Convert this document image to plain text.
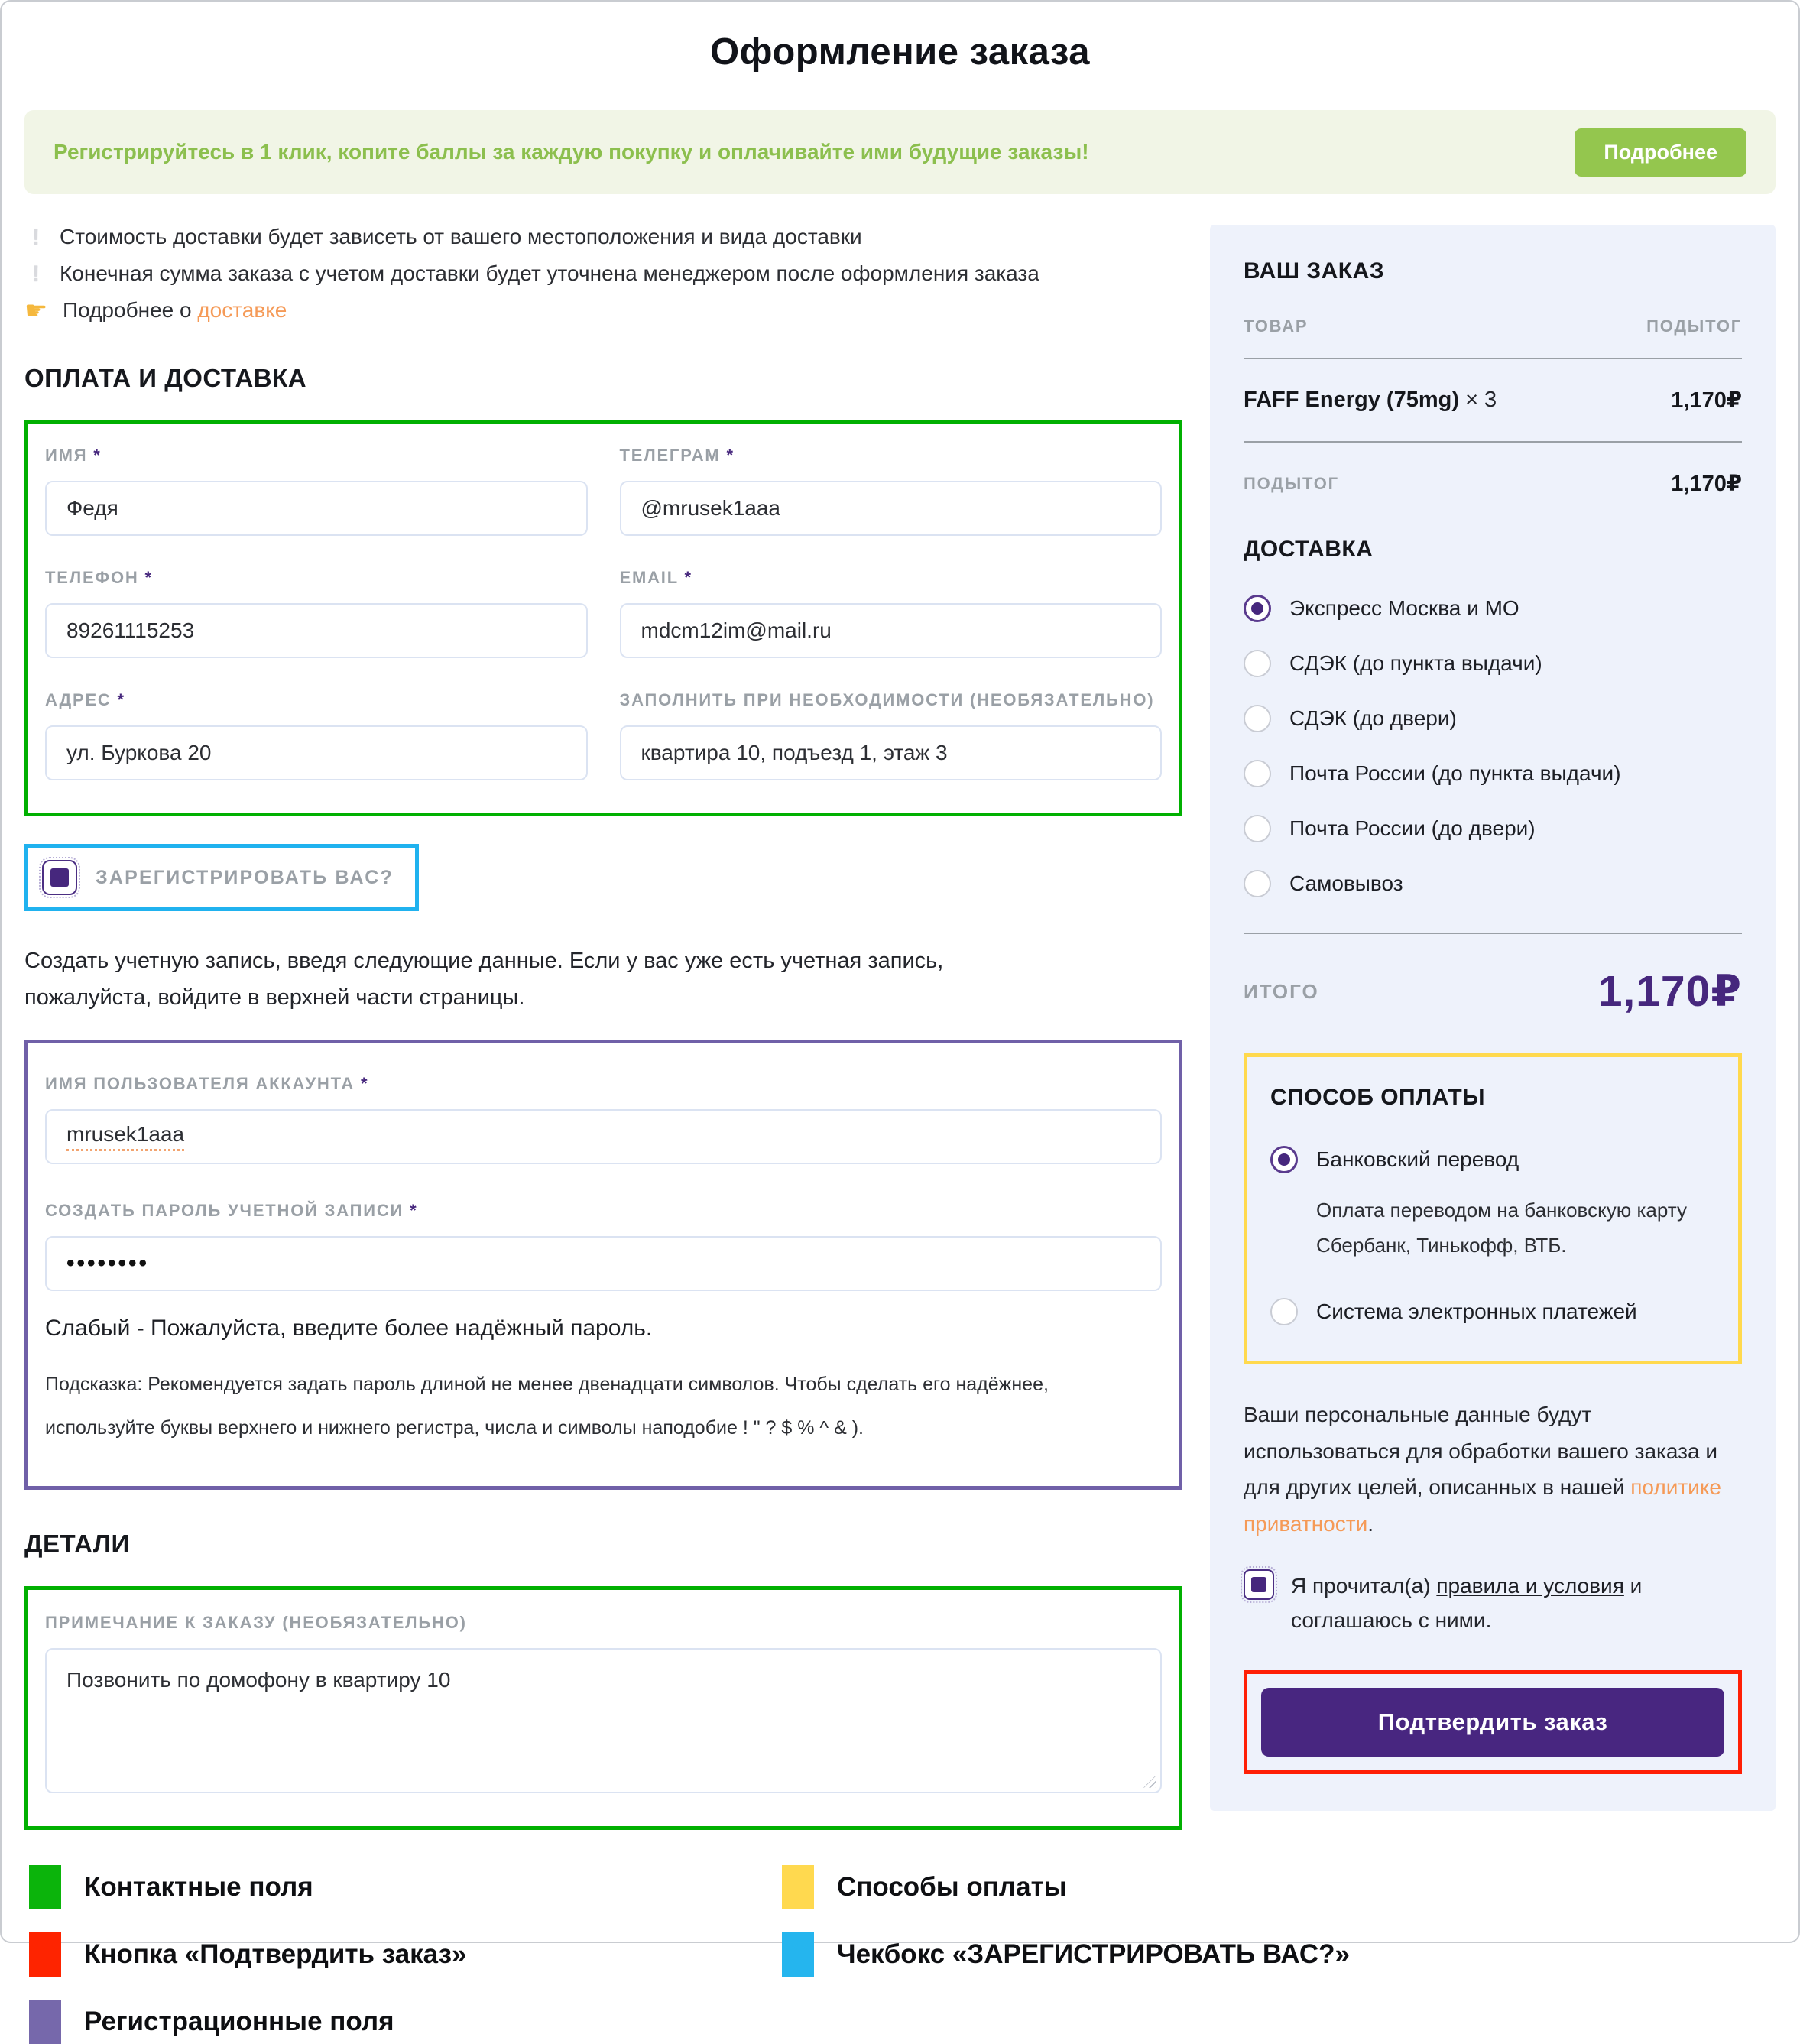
Оформление заказа
Регистрируйтесь в 1 клик, копите баллы за каждую покупку и оплачивайте ими будущие заказы!	Подробнее
! Стоимость доставки будет зависеть от вашего местоположения и вида доставки
! Конечная сумма заказа с учетом доставки будет уточнена менеджером после оформления заказа
☛ Подробнее о доставке
ОПЛАТА И ДОСТАВКА
ИМЯ *
Федя	ТЕЛЕГРАМ *
@mrusek1aaa
ТЕЛЕФОН *
89261115253	EMAIL *
mdcm12im@mail.ru
АДРЕС *
ул. Буркова 20	ЗАПОЛНИТЬ ПРИ НЕОБХОДИМОСТИ (НЕОБЯЗАТЕЛЬНО)
квартира 10, подъезд 1, этаж 3
ЗАРЕГИСТРИРОВАТЬ ВАС?
Создать учетную запись, введя следующие данные. Если у вас уже есть учетная запись, пожалуйста, войдите в верхней части страницы.
ИМЯ ПОЛЬЗОВАТЕЛЯ АККАУНТА *
mrusek1aaa
СОЗДАТЬ ПАРОЛЬ УЧЕТНОЙ ЗАПИСИ *
••••••••
Слабый - Пожалуйста, введите более надёжный пароль.
Подсказка: Рекомендуется задать пароль длиной не менее двенадцати символов. Чтобы сделать его надёжнее, используйте буквы верхнего и нижнего регистра, числа и символы наподобие ! " ? $ % ^ & ).
ДЕТАЛИ
ПРИМЕЧАНИЕ К ЗАКАЗУ (НЕОБЯЗАТЕЛЬНО)
Позвонить по домофону в квартиру 10
ВАШ ЗАКАЗ
ТОВАР	ПОДЫТОГ
FAFF Energy (75mg) × 3	1,170₽
ПОДЫТОГ	1,170₽
ДОСТАВКА
Экспресс Москва и МО
СДЭК (до пункта выдачи)
СДЭК (до двери)
Почта России (до пункта выдачи)
Почта России (до двери)
Самовывоз
ИТОГО	1,170₽
СПОСОБ ОПЛАТЫ
Банковский перевод
Оплата переводом на банковскую карту Сбербанк, Тинькофф, ВТБ.
Система электронных платежей
Ваши персональные данные будут использоваться для обработки вашего заказа и для других целей, описанных в нашей политике приватности.
Я прочитал(а) правила и условия и соглашаюсь с ними.
Подтвердить заказ
Контактные поля
Кнопка «Подтвердить заказ»
Регистрационные поля
Способы оплаты
Чекбокс «ЗАРЕГИСТРИРОВАТЬ ВАС?»
